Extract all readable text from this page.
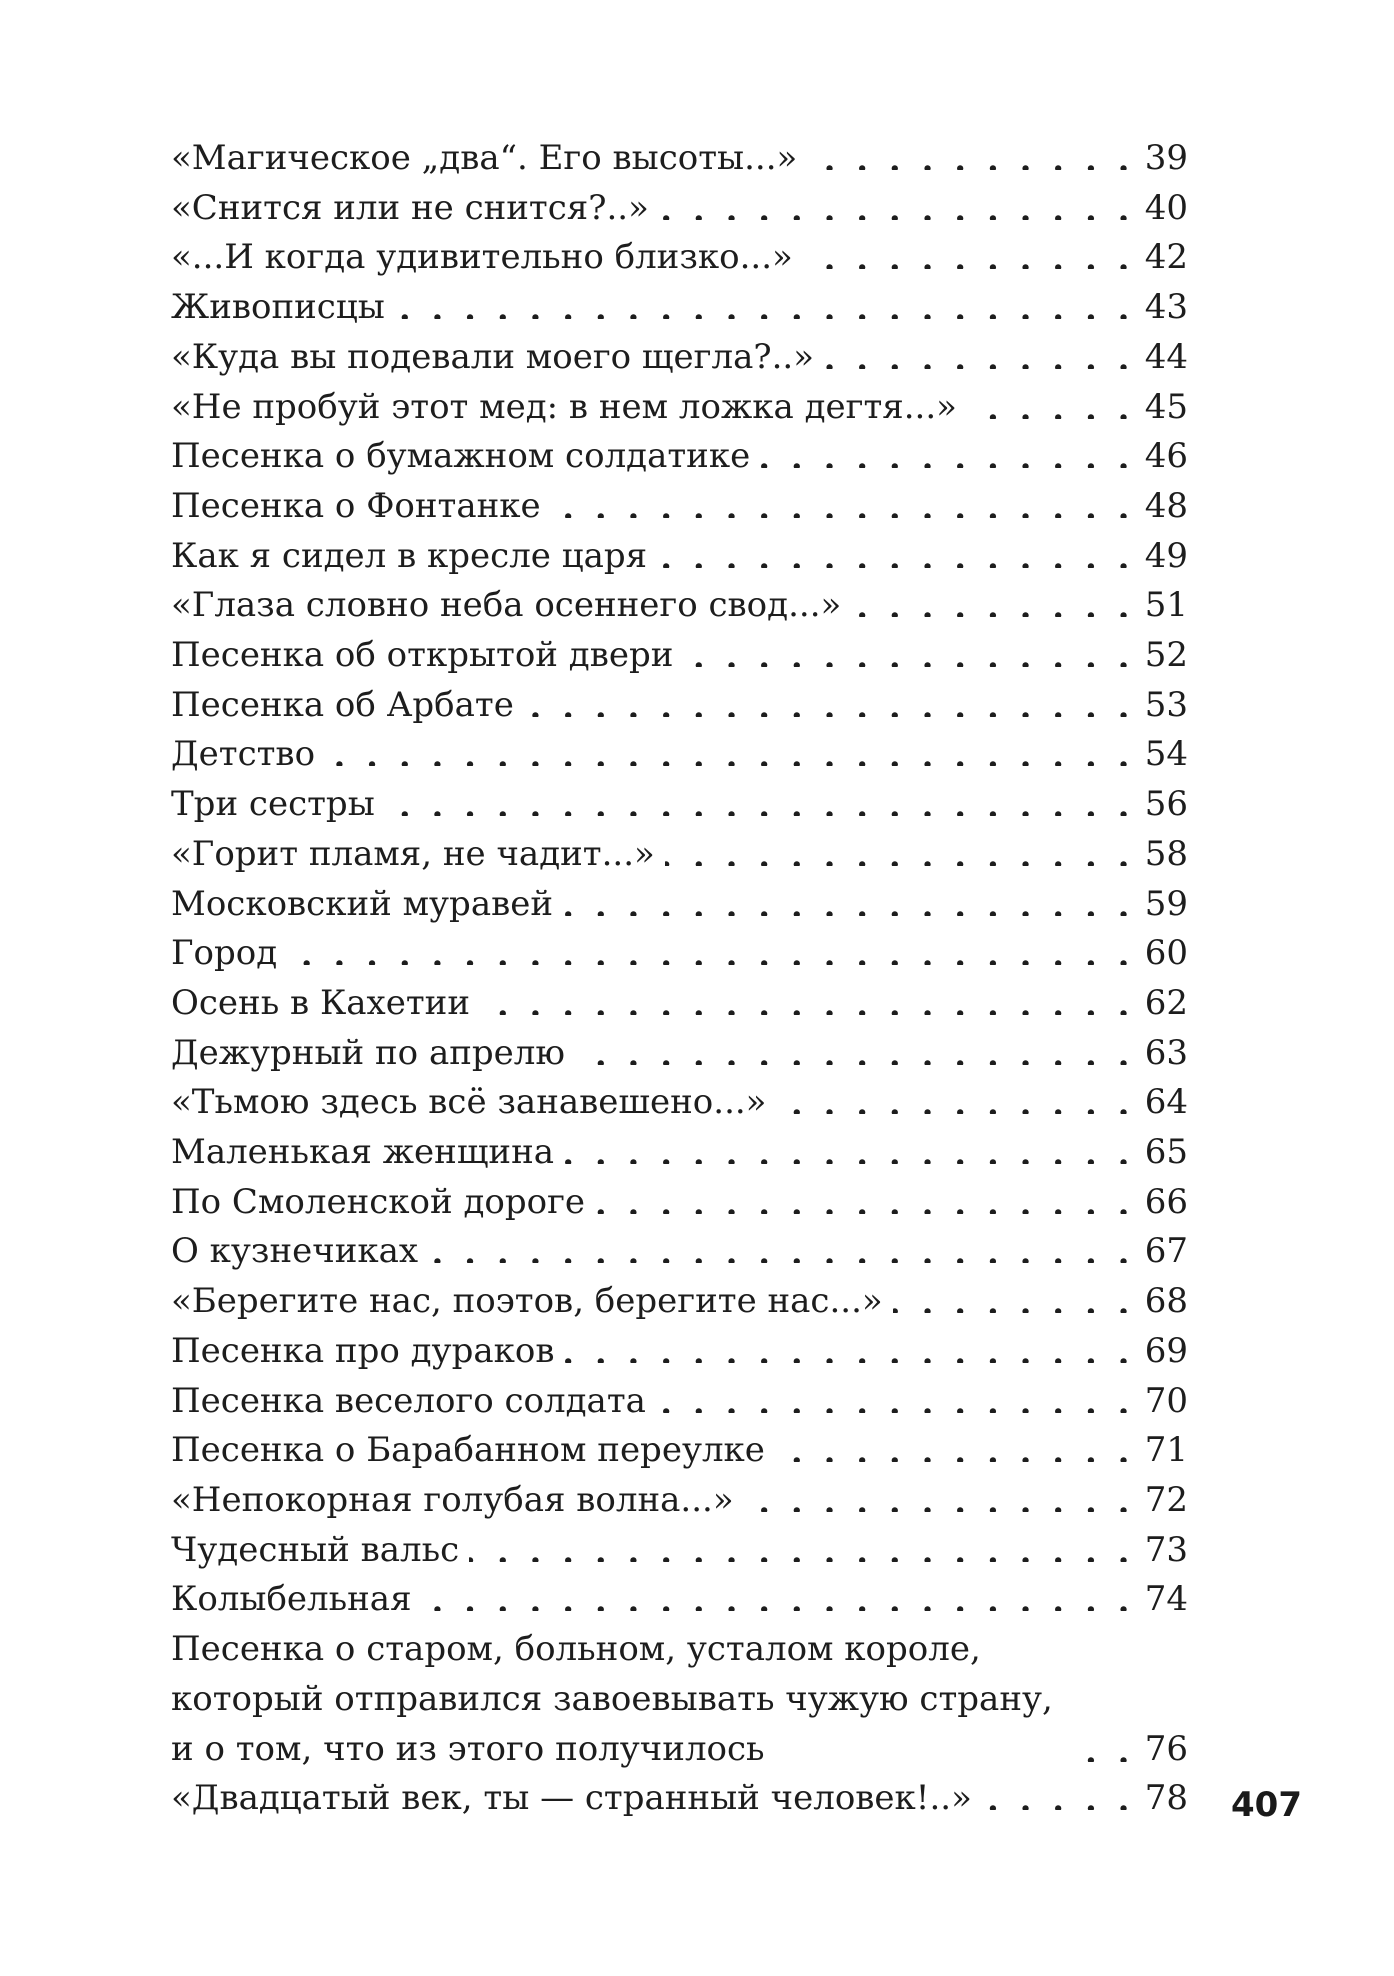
«Магическое „два“. Его высоты...» . . .	39
«Снится или не снится?..» . . .	40
«...И когда удивительно близко...» . . .	42
Живописцы . . .	43
«Куда вы подевали моего щегла?..» . . .	44
«Не пробуй этот мед: в нем ложка дегтя...» . . .	45
Песенка о бумажном солдатике . . .	46
Песенка о Фонтанке . . .	48
Как я сидел в кресле царя . . .	49
«Глаза словно неба осеннего свод...» . . .	51
Песенка об открытой двери . . .	52
Песенка об Арбате . . .	53
Детство . . .	54
Три сестры . . .	56
«Горит пламя, не чадит...» . . .	58
Московский муравей . . .	59
Город . . .	60
Осень в Кахетии . . .	62
Дежурный по апрелю . . .	63
«Тьмою здесь всё занавешено...» . . .	64
Маленькая женщина . . .	65
По Смоленской дороге . . .	66
О кузнечиках . . .	67
«Берегите нас, поэтов, берегите нас...» . . .	68
Песенка про дураков . . .	69
Песенка веселого солдата . . .	70
Песенка о Барабанном переулке . . .	71
«Непокорная голубая волна...» . . .	72
Чудесный вальс . . .	73
Колыбельная . . .	74
Песенка о старом, больном, усталом короле,
который отправился завоевывать чужую страну,
и о том, что из этого получилось . . .	76
«Двадцатый век, ты — странный человек!..» . . .	78 407
